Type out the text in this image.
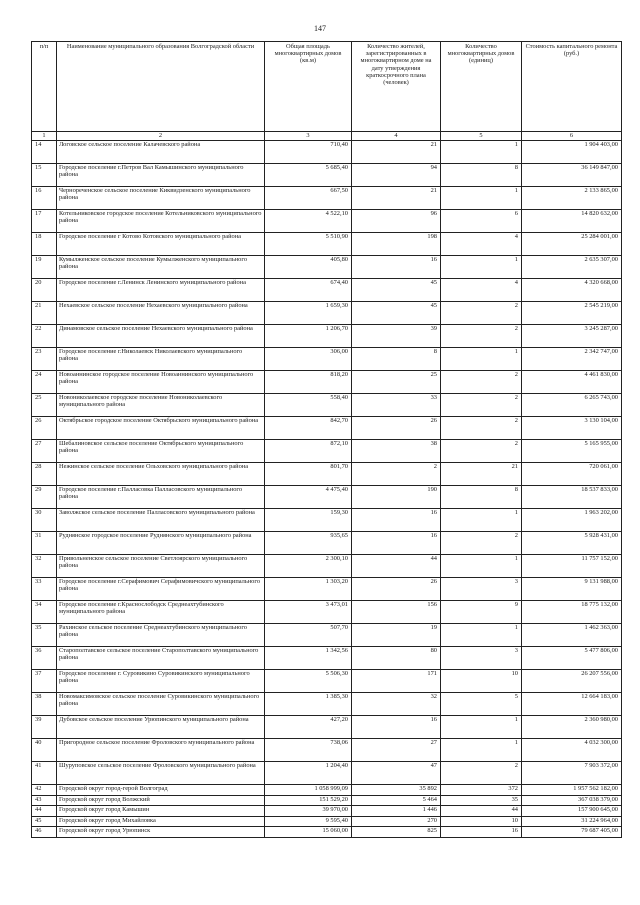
147
п/п	Наименование муниципального образования Волгоградской области	Общая площадь многоквартирных домов (кв.м)	Количество жителей, зарегистрированных в многоквартирном доме на дату утверждения краткосрочного плана (человек)	Количество многоквартирных домов (единиц)	Стоимость капитального ремонта (руб.)
1	2	3	4	5	6
14	Логовское сельское поселение Калачевского района	710,40	21	1	1 904 403,00
15	Городское поселение г.Петров Вал Камышинского муниципального района	5 685,40	94	8	36 149 847,00
16	Чернореченское сельское поселение Киквидзенского муниципального района	667,50	21	1	2 133 865,00
17	Котельниковское городское поселение Котельниковского муниципального района	4 522,10	96	6	14 820 632,00
18	Городское поселение г Котово Котовского муниципального района	5 510,90	198	4	25 284 001,00
19	Кумылженское сельское поселение Кумылженского муниципального района	405,80	16	1	2 635 307,00
20	Городское поселение г.Ленинск Ленинского муниципального района	674,40	45	4	4 320 668,00
21	Нехаевское сельское поселение Нехаевского муниципального района	1 659,30	45	2	2 545 219,00
22	Динамовское сельское поселение Нехаевского муниципального района	1 206,70	39	2	3 245 287,00
23	Городское поселение г.Николаевск Николаевского муниципального района	306,00	8	1	2 342 747,00
24	Новоаннинское городское поселение Новоаннинского муниципального района	818,20	25	2	4 461 830,00
25	Новониколаевское городское поселение Новониколаевского муниципального района	558,40	33	2	6 265 743,00
26	Октябрьское городское поселение Октябрьского муниципального района	842,70	26	2	3 130 104,00
27	Шебалиновское сельское поселение Октябрьского муниципального района	872,10	38	2	5 165 955,00
28	Нежинское сельское поселение Ольховского муниципального района	801,70	2	21	720 061,00
29	Городское поселение г.Палласовка Палласовского муниципального района	4 475,40	190	8	18 537 833,00
30	Заволжское сельское поселение Палласовского муниципального района	159,30	16	1	1 963 202,00
31	Руднянское городское поселение Руднянского муниципального района	935,65	16	2	5 928 431,00
32	Привольненское сельское поселение Светлоярского муниципального района	2 300,10	44	1	11 757 152,00
33	Городское поселение г.Серафимович Серафимовичского муниципального района	1 303,20	26	3	9 131 988,00
34	Городское поселение г.Краснослободск Среднеахтубинского муниципального района	3 473,01	156	9	18 775 132,00
35	Рахинское сельское поселение Среднеахтубинского муниципального района	507,70	19	1	1 462 363,00
36	Старополтавское сельское поселение Старополтавского муниципального района	1 342,56	80	3	5 477 806,00
37	Городское поселение г. Суровикино Суровикинского муниципального района	5 506,30	171	10	26 207 556,00
38	Новомаксимовское сельское поселение Суровикинского муниципального района	1 385,30	32	5	12 664 183,00
39	Дубовское сельское поселение Урюпинского муниципального района	427,20	16	1	2 360 980,00
40	Пригородное сельское поселение Фроловского муниципального района	738,06	27	1	4 032 300,00
41	Шуруповское сельское поселение Фроловского муниципального района	1 204,40	47	2	7 903 372,00
42	Городской округ город-герой Волгоград	1 058 999,09	35 892	372	1 957 562 182,00
43	Городской округ город Волжский	151 529,20	5 464	35	367 038 379,00
44	Городской округ город Камышин	39 970,00	1 446	44	157 900 645,00
45	Городской округ город Михайловка	9 595,40	270	10	31 224 964,00
46	Городской округ город Урюпинск	15 060,00	825	16	79 687 405,00
